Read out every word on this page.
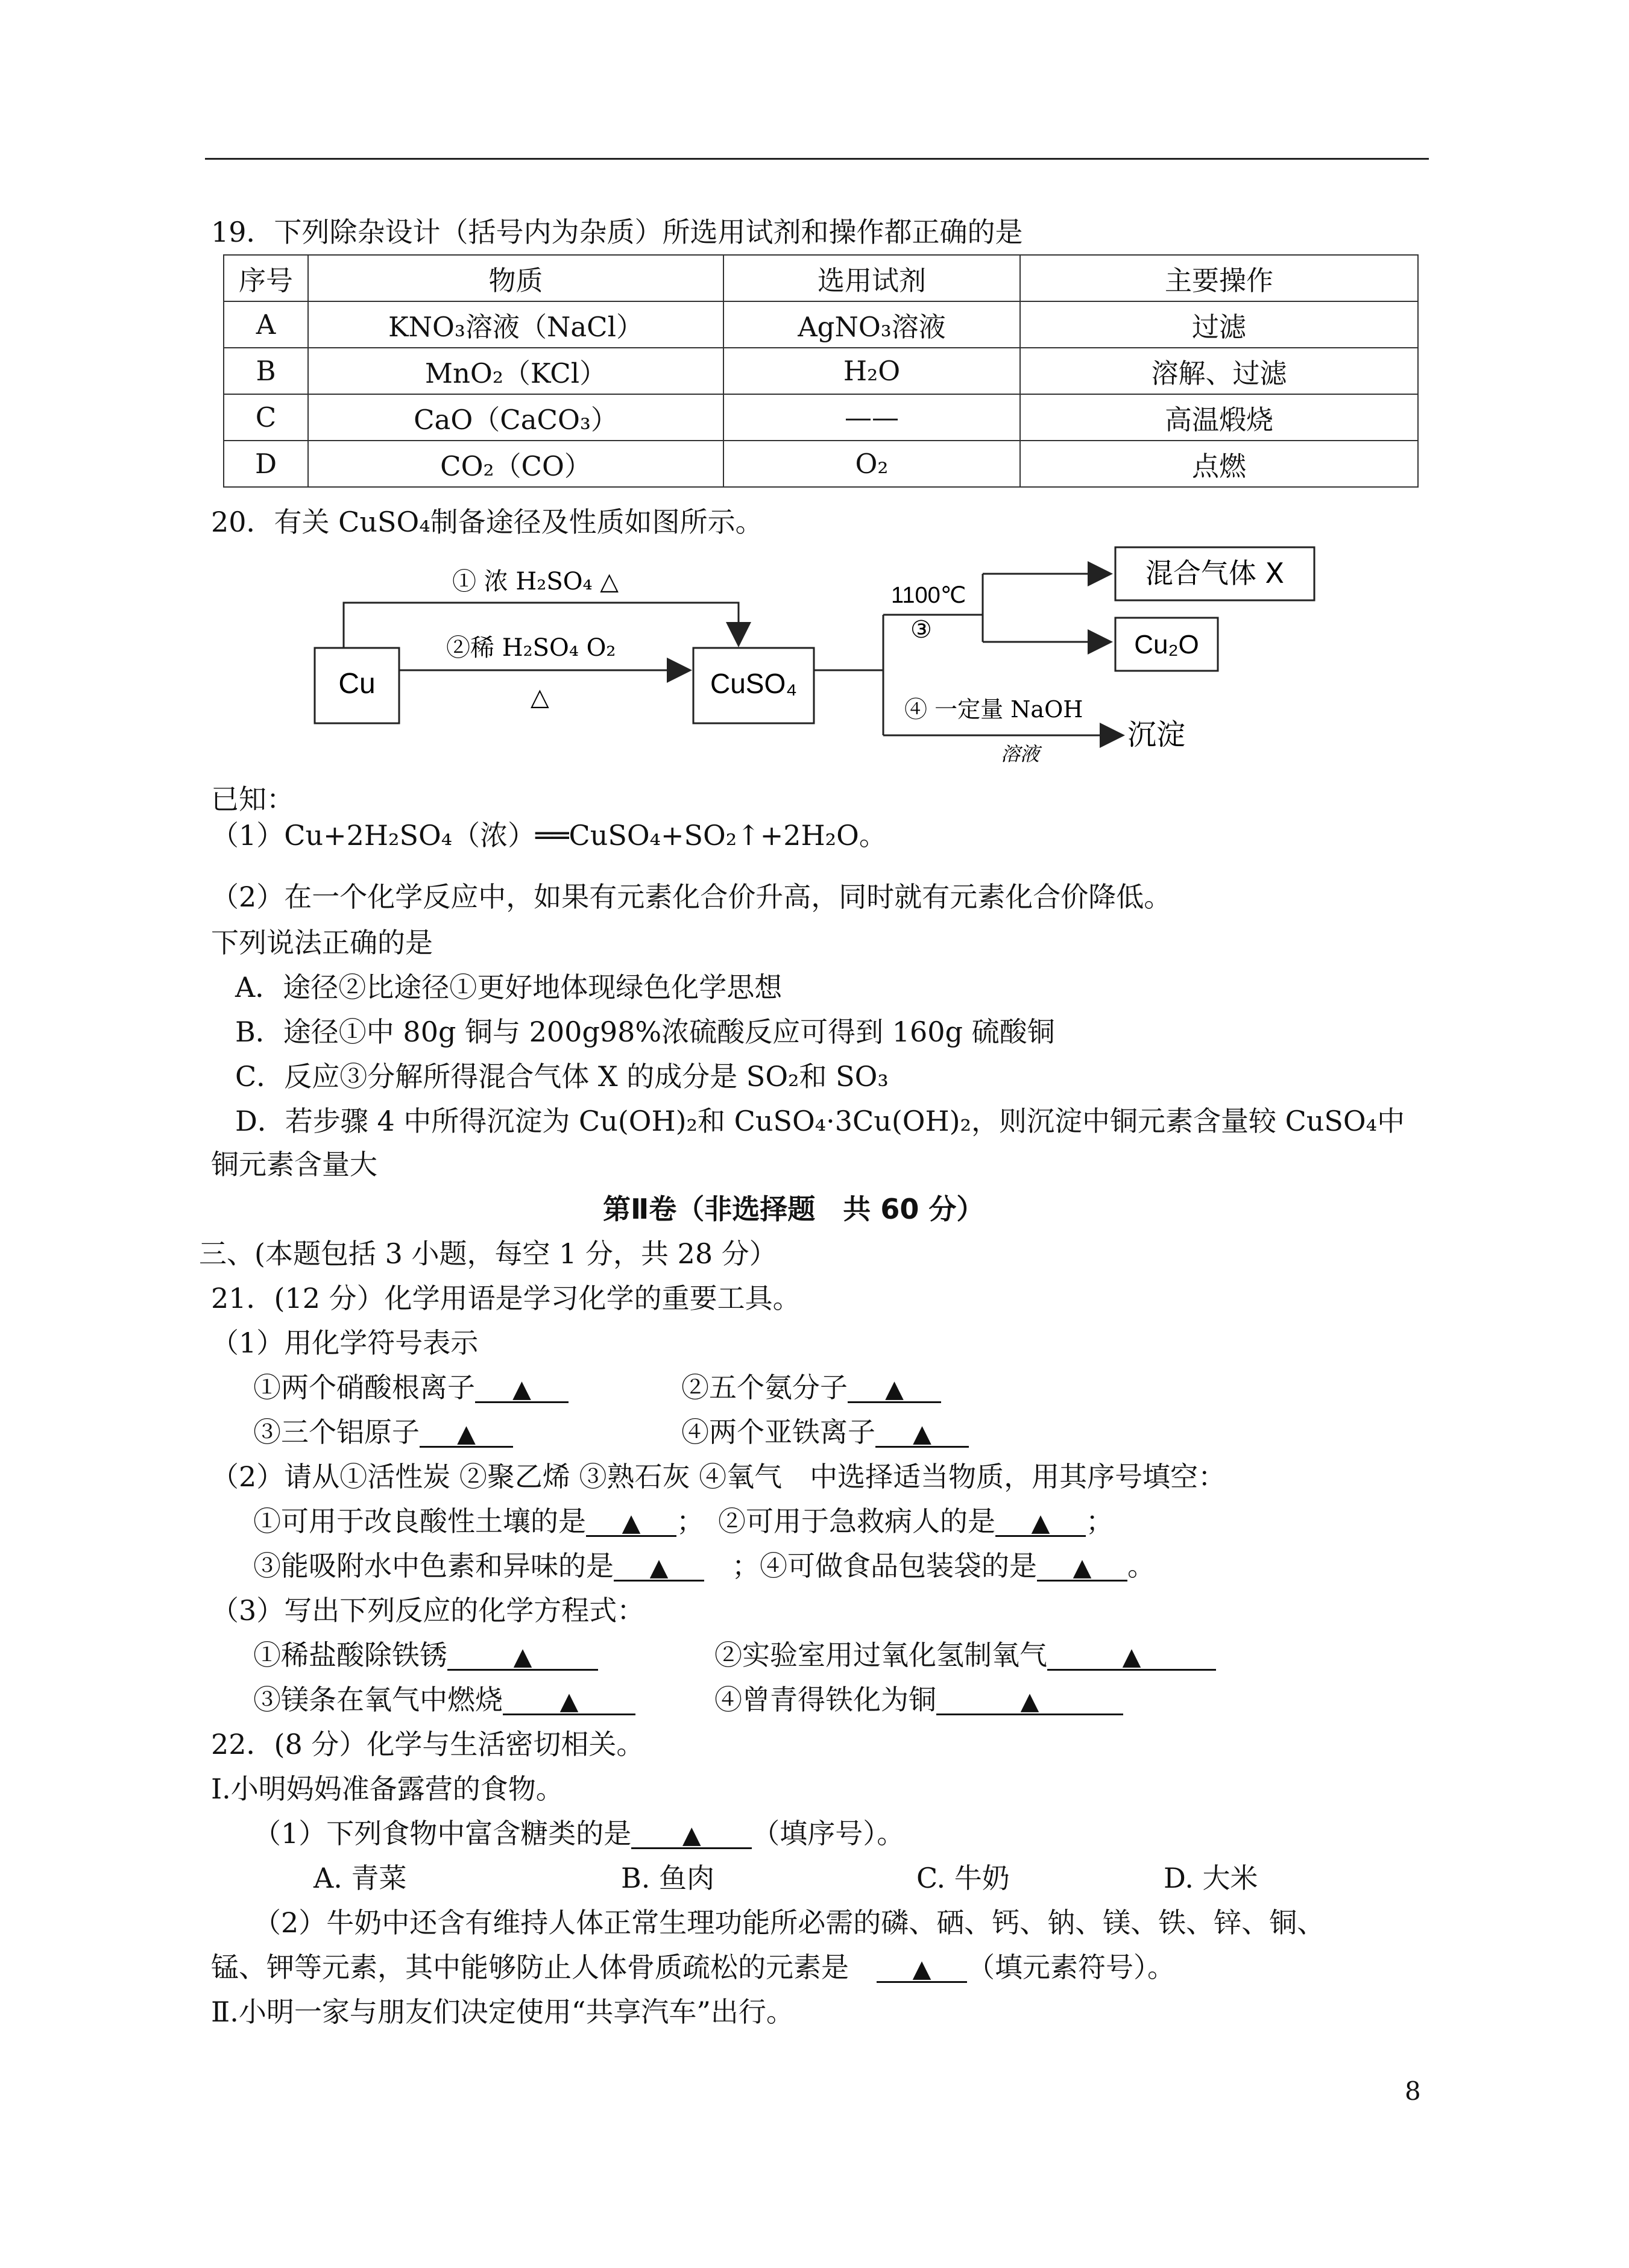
19．下列除杂设计（括号内为杂质）所选用试剂和操作都正确的是
序号	物质	选用试剂	主要操作
A	KNO₃溶液（NaCl）	AgNO₃溶液	过滤
B	MnO₂（KCl）	H₂O	溶解、过滤
C	CaO（CaCO₃）	——	高温煅烧
D	CO₂（CO）	O₂	点燃
20．有关 CuSO₄制备途径及性质如图所示。
Cu	CuSO₄
① 浓 H₂SO₄ △
②稀 H₂SO₄ O₂
△
1100℃
③
混合气体 X
Cu₂O
④ 一定量 NaOH
溶液
沉淀
已知：
（1）Cu+2H₂SO₄（浓）══CuSO₄+SO₂↑+2H₂O。
（2）在一个化学反应中，如果有元素化合价升高，同时就有元素化合价降低。
下列说法正确的是
A．途径②比途径①更好地体现绿色化学思想
B．途径①中 80g 铜与 200g98%浓硫酸反应可得到 160g 硫酸铜
C．反应③分解所得混合气体 X 的成分是 SO₂和 SO₃
D．若步骤 4 中所得沉淀为 Cu(OH)₂和 CuSO₄·3Cu(OH)₂，则沉淀中铜元素含量较 CuSO₄中
铜元素含量大
第Ⅱ卷（非选择题　共 60 分）
三、(本题包括 3 小题，每空 1 分，共 28 分）
21．(12 分）化学用语是学习化学的重要工具。
（1）用化学符号表示
①两个硝酸根离子 ▲	②五个氨分子 ▲
③三个铝原子 ▲	④两个亚铁离子 ▲
（2）请从①活性炭 ②聚乙烯 ③熟石灰 ④氧气　中选择适当物质，用其序号填空：
①可用于改良酸性土壤的是 ▲ ；　②可用于急救病人的是 ▲ ；
③能吸附水中色素和异味的是 ▲　 ；④可做食品包装袋的是 ▲ 。
（3）写出下列反应的化学方程式：
①稀盐酸除铁锈	▲	②实验室用过氧化氢制氧气	▲
③镁条在氧气中燃烧 ▲	④曾青得铁化为铜	▲
22．(8 分）化学与生活密切相关。
Ⅰ.小明妈妈准备露营的食物。
（1）下列食物中富含糖类的是 ▲ （填序号）。
A. 青菜	B. 鱼肉	C. 牛奶	D. 大米
（2）牛奶中还含有维持人体正常生理功能所必需的磷、硒、钙、钠、镁、铁、锌、铜、
锰、钾等元素，其中能够防止人体骨质疏松的元素是　	▲ （填元素符号）。
Ⅱ.小明一家与朋友们决定使用“共享汽车”出行。
8
